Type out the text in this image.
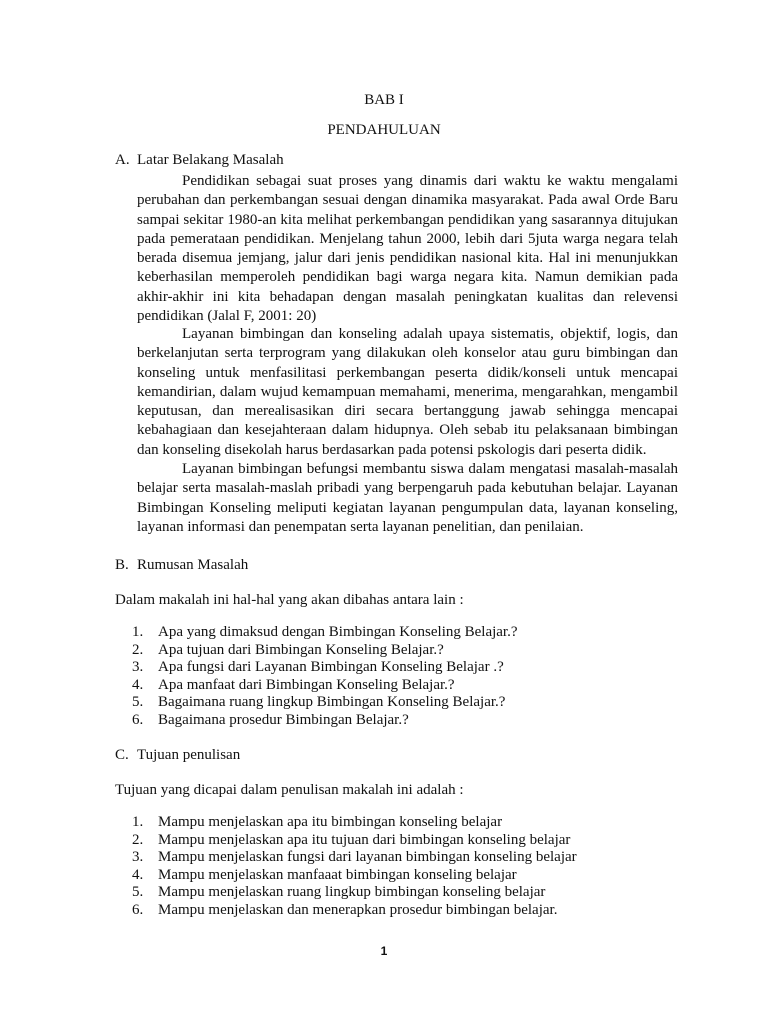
BAB I
PENDAHULUAN
A. Latar Belakang Masalah
Pendidikan sebagai suat proses yang dinamis dari waktu ke waktu mengalami perubahan dan perkembangan sesuai dengan dinamika masyarakat. Pada awal Orde Baru sampai sekitar 1980-an kita melihat perkembangan pendidikan yang sasarannya ditujukan pada pemerataan pendidikan. Menjelang tahun 2000, lebih dari 5juta warga negara telah berada disemua jemjang, jalur dari jenis pendidikan nasional kita. Hal ini menunjukkan keberhasilan memperoleh pendidikan bagi warga negara kita. Namun demikian pada akhir-akhir ini kita behadapan dengan masalah peningkatan kualitas dan relevensi pendidikan (Jalal F, 2001: 20)
Layanan bimbingan dan konseling adalah upaya sistematis, objektif, logis, dan berkelanjutan serta terprogram yang dilakukan oleh konselor atau guru bimbingan dan konseling untuk menfasilitasi perkembangan peserta didik/konseli untuk mencapai kemandirian, dalam wujud kemampuan memahami, menerima, mengarahkan, mengambil keputusan, dan merealisasikan diri secara bertanggung jawab sehingga mencapai kebahagiaan dan kesejahteraan dalam hidupnya. Oleh sebab itu pelaksanaan bimbingan dan konseling disekolah harus berdasarkan pada potensi pskologis dari peserta didik.
Layanan bimbingan befungsi membantu siswa dalam mengatasi masalah-masalah belajar serta masalah-maslah pribadi yang berpengaruh pada kebutuhan belajar. Layanan Bimbingan Konseling meliputi kegiatan layanan pengumpulan data, layanan konseling, layanan informasi dan penempatan serta layanan penelitian, dan penilaian.
B. Rumusan Masalah
Dalam makalah ini hal-hal yang akan dibahas antara lain :
1. Apa yang dimaksud dengan Bimbingan Konseling Belajar.?
2. Apa tujuan dari Bimbingan Konseling Belajar.?
3. Apa fungsi dari Layanan Bimbingan Konseling Belajar .?
4. Apa manfaat dari Bimbingan Konseling Belajar.?
5. Bagaimana ruang lingkup Bimbingan Konseling Belajar.?
6. Bagaimana prosedur Bimbingan Belajar.?
C. Tujuan penulisan
Tujuan yang dicapai dalam penulisan makalah ini adalah :
1. Mampu menjelaskan apa itu bimbingan konseling belajar
2. Mampu menjelaskan apa itu tujuan dari bimbingan konseling belajar
3. Mampu menjelaskan fungsi dari layanan bimbingan konseling belajar
4. Mampu menjelaskan manfaaat bimbingan konseling belajar
5. Mampu menjelaskan ruang lingkup bimbingan konseling belajar
6. Mampu menjelaskan dan menerapkan prosedur bimbingan belajar.
1
